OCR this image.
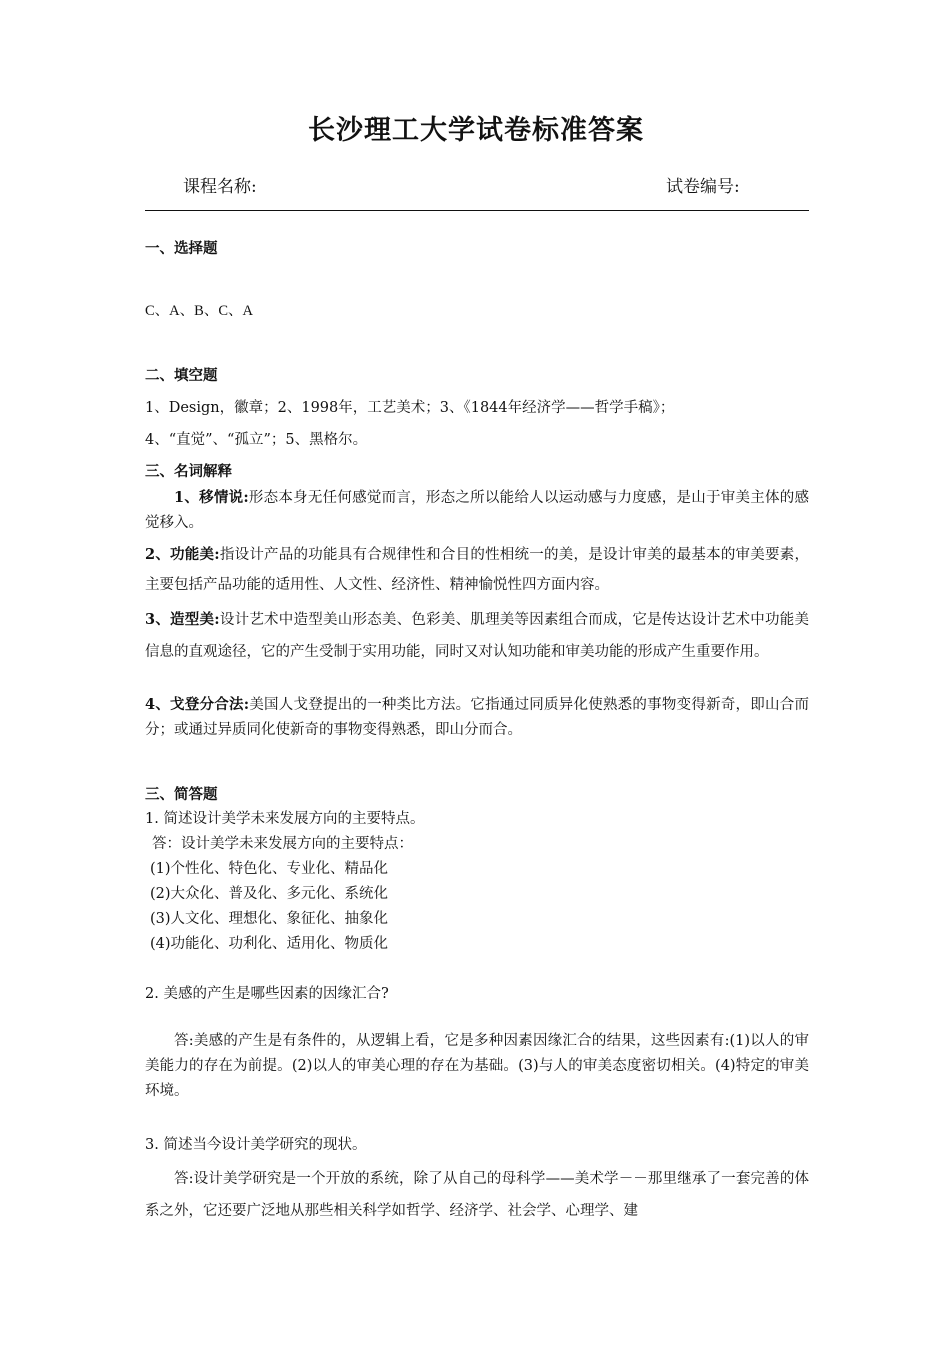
长沙理工大学试卷标准答案
课程名称:	试卷编号:
一、选择题
C、A、B、C、A
二、填空题
1、Design，徽章；2、1998年，工艺美术；3、《1844年经济学——哲学手稿》；
4、“直觉”、“孤立”；5、黑格尔。
三、名词解释
1、移情说:形态本身无任何感觉而言，形态之所以能给人以运动感与力度感，是山于审美主体的感觉移入。
2、功能美:指设计产品的功能具有合规律性和合目的性相统一的美，是设计审美的最基本的审美要素，主要包括产品功能的适用性、人文性、经济性、精神愉悦性四方面内容。
3、造型美:设计艺术中造型美山形态美、色彩美、肌理美等因素组合而成，它是传达设计艺术中功能美信息的直观途径，它的产生受制于实用功能，同时又对认知功能和审美功能的形成产生重要作用。
4、戈登分合法:美国人戈登提出的一种类比方法。它指通过同质异化使熟悉的事物变得新奇，即山合而分；或通过异质同化使新奇的事物变得熟悉，即山分而合。
三、简答题
1. 简述设计美学未来发展方向的主要特点。
答：设计美学未来发展方向的主要特点：
(1)个性化、特色化、专业化、精品化
(2)大众化、普及化、多元化、系统化
(3)人文化、理想化、象征化、抽象化
(4)功能化、功利化、适用化、物质化
2. 美感的产生是哪些因素的因缘汇合?
答:美感的产生是有条件的，从逻辑上看，它是多种因素因缘汇合的结果，这些因素有:(1)以人的审美能力的存在为前提。(2)以人的审美心理的存在为基础。(3)与人的审美态度密切相关。(4)特定的审美环境。
3. 简述当今设计美学研究的现状。
答:设计美学研究是一个开放的系统，除了从自己的母科学——美术学－－那里继承了一套完善的体系之外，它还要广泛地从那些相关科学如哲学、经济学、社会学、心理学、建
